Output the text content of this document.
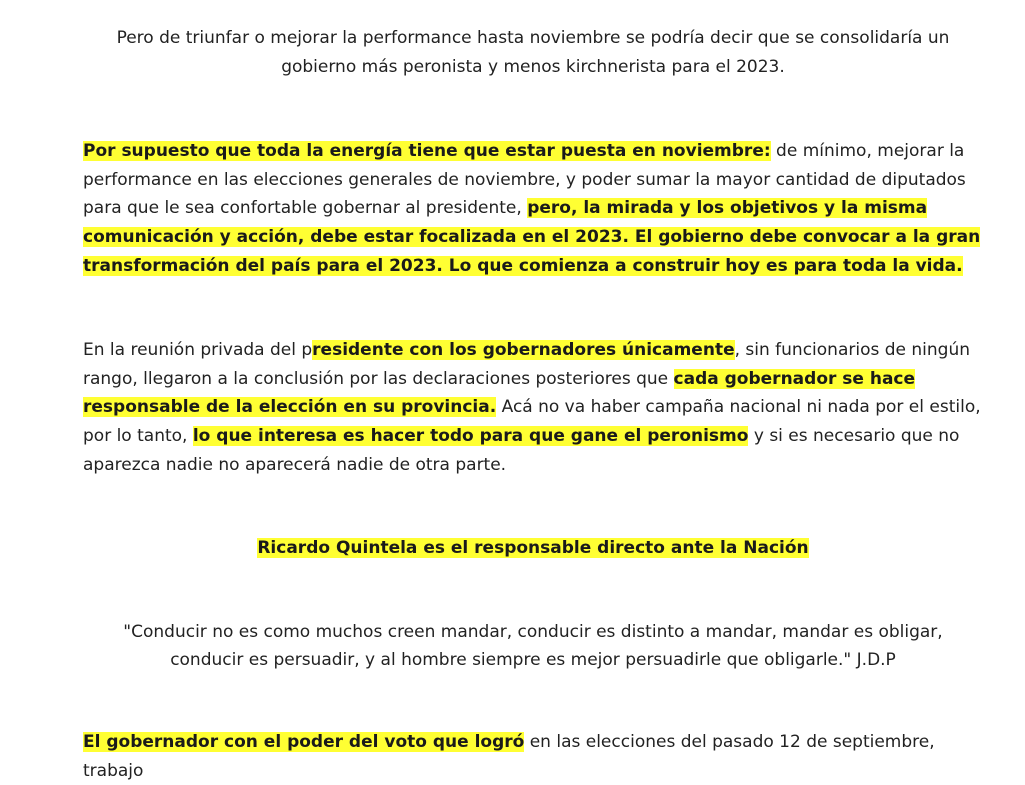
Pero de triunfar o mejorar la performance hasta noviembre se podría decir que se consolidaría un gobierno más peronista y menos kirchnerista para el 2023.

Por supuesto que toda la energía tiene que estar puesta en noviembre: de mínimo, mejorar la performance en las elecciones generales de noviembre, y poder sumar la mayor cantidad de diputados para que le sea confortable gobernar al presidente, pero, la mirada y los objetivos y la misma comunicación y acción, debe estar focalizada en el 2023. El gobierno debe convocar a la gran transformación del país para el 2023. Lo que comienza a construir hoy es para toda la vida.

En la reunión privada del presidente con los gobernadores únicamente, sin funcionarios de ningún rango, llegaron a la conclusión por las declaraciones posteriores que cada gobernador se hace responsable de la elección en su provincia. Acá no va haber campaña nacional ni nada por el estilo, por lo tanto, lo que interesa es hacer todo para que gane el peronismo y si es necesario que no aparezca nadie no aparecerá nadie de otra parte.

Ricardo Quintela es el responsable directo ante la Nación

"Conducir no es como muchos creen mandar, conducir es distinto a mandar, mandar es obligar, conducir es persuadir, y al hombre siempre es mejor persuadirle que obligarle." J.D.P

El gobernador con el poder del voto que logró en las elecciones del pasado 12 de septiembre, trabajo
